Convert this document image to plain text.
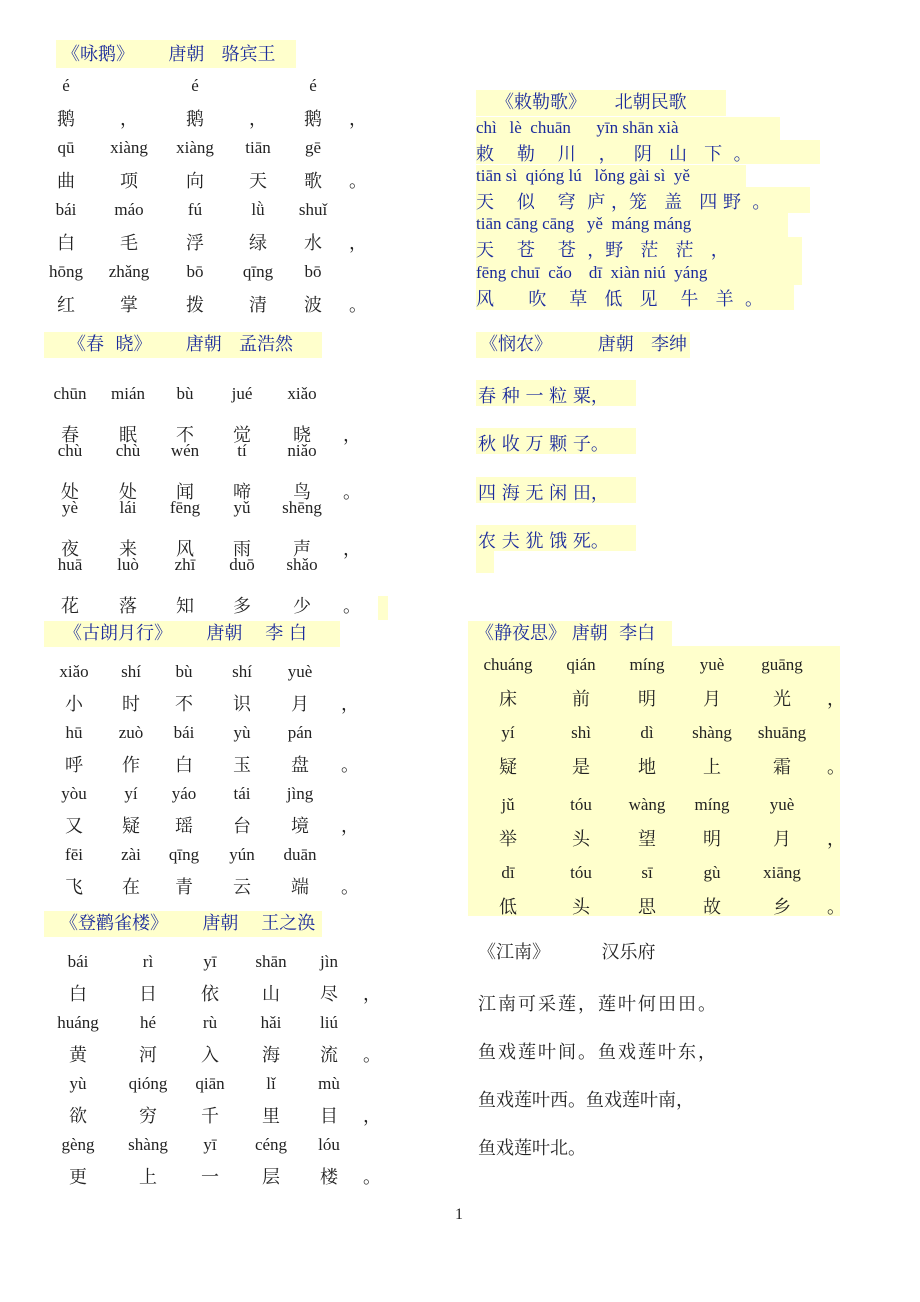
《咏鹅》      唐朝   骆宾王
é	é	é
鹅	，	鹅	，	鹅	，
qū	xiàng	xiàng	tiān	gē
曲	项	向	天	歌	。
bái	máo	fú	lǜ	shuǐ
白	毛	浮	绿	水	，
hōng	zhǎng	bō	qīng	bō
红	掌	拨	清	波	。
《敕勒歌》     北朝民歌
chì   lè  chuān      yīn shān xià
敕    勒    川    ，   阴   山   下  。
tiān sì  qióng lú   lǒng gài sì  yě
天    似    穹  庐 ，笼   盖   四 野  。
tiān cāng cāng   yě  máng máng
天    苍    苍  ，野   茫   茫   ，
fēng chuī  cǎo    dī  xiàn niú  yáng
风      吹    草   低   见    牛   羊  。
《春  晓》      唐朝   孟浩然
chūn	mián	bù	jué	xiǎo
春	眠	不	觉	晓	，
chù	chù	wén	tí	niǎo
处	处	闻	啼	鸟	。
yè	lái	fēng	yǔ	shēng
夜	来	风	雨	声	，
huā	luò	zhī	duō	shǎo
花	落	知	多	少	。
《悯农》        唐朝   李绅
春 种 一 粒 粟，
秋 收 万 颗 子。
四 海 无 闲 田，
农 夫 犹 饿 死。
《古朗月行》      唐朝    李 白
xiǎo	shí	bù	shí	yuè
小	时	不	识	月	，
hū	zuò	bái	yù	pán
呼	作	白	玉	盘	。
yòu	yí	yáo	tái	jìng
又	疑	瑶	台	境	，
fēi	zài	qīng	yún	duān
飞	在	青	云	端	。
《静夜思》 唐朝  李白
chuáng	qián	míng	yuè	guāng
床	前	明	月	光	，
yí	shì	dì	shàng	shuāng
疑	是	地	上	霜	。
jǔ	tóu	wàng	míng	yuè
举	头	望	明	月	，
dī	tóu	sī	gù	xiāng
低	头	思	故	乡	。
《登鹳雀楼》      唐朝    王之涣
bái	rì	yī	shān	jìn
白	日	依	山	尽	，
huáng	hé	rù	hǎi	liú
黄	河	入	海	流	。
yù	qióng	qiān	lǐ	mù
欲	穷	千	里	目	，
gèng	shàng	yī	céng	lóu
更	上	一	层	楼	。
《江南》         汉乐府
江南可采莲，莲叶何田田。
鱼戏莲叶间。鱼戏莲叶东，
鱼戏莲叶西。鱼戏莲叶南，
鱼戏莲叶北。
1
